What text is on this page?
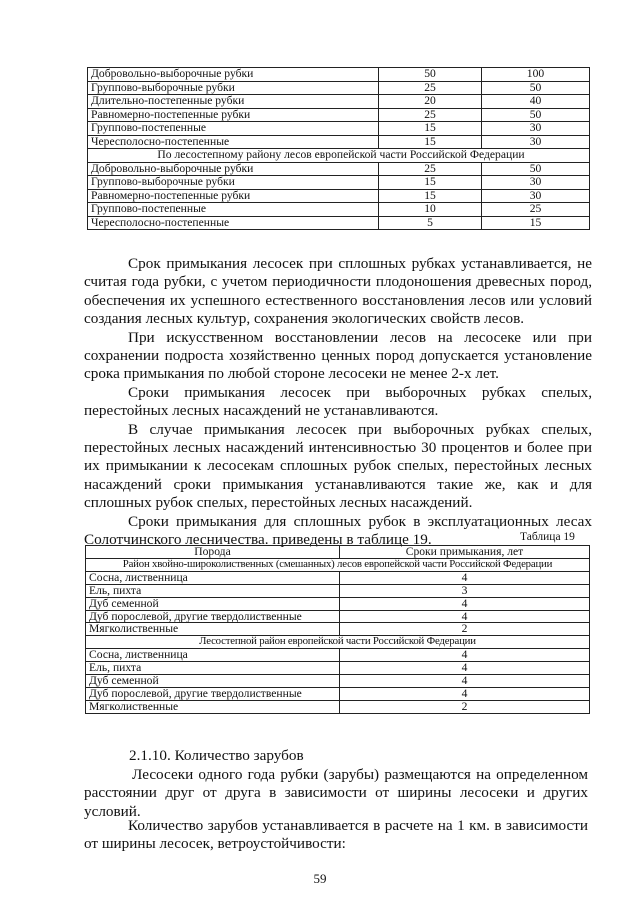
Добровольно-выборочные рубки	50	100
Группово-выборочные рубки	25	50
Длительно-постепенные рубки	20	40
Равномерно-постепенные рубки	25	50
Группово-постепенные	15	30
Чересполосно-постепенные	15	30
По лесостепному району лесов европейской части Российской Федерации		
Добровольно-выборочные рубки	25	50
Группово-выборочные рубки	15	30
Равномерно-постепенные рубки	15	30
Группово-постепенные	10	25
Чересполосно-постепенные	5	15

Срок примыкания лесосек при сплошных рубках устанавливается, не считая года рубки, с учетом периодичности плодоношения древесных пород, обеспечения их успешного естественного восстановления лесов или условий создания лесных культур, сохранения экологических свойств лесов.

При искусственном восстановлении лесов на лесосеке или при сохранении подроста хозяйственно ценных пород допускается установление срока примыкания по любой стороне лесосеки не менее 2-х лет.

Сроки примыкания лесосек при выборочных рубках спелых, перестойных лесных насаждений не устанавливаются.

В случае примыкания лесосек при выборочных рубках спелых, перестойных лесных насаждений интенсивностью 30 процентов и более при их примыкании к лесосекам сплошных рубок спелых, перестойных лесных насаждений сроки примыкания устанавливаются такие же, как и для сплошных рубок спелых, перестойных лесных насаждений.

Сроки примыкания для сплошных рубок в эксплуатационных лесах Солотчинского лесничества. приведены в таблице 19.	Таблица 19
Порода	Сроки примыкания, лет
Район хвойно-широколиственных (смешанных) лесов европейской части Российской Федерации	
Сосна, лиственница	4
Ель, пихта	3
Дуб семенной	4
Дуб порослевой, другие твердолиственные	4
Мягколиственные	2
Лесостепной район европейской части Российской Федерации	
Сосна, лиственница	4
Ель, пихта	4
Дуб семенной	4
Дуб порослевой, другие твердолиственные	4
Мягколиственные	2
2.1.10. Количество зарубов

Лесосеки одного года рубки (зарубы) размещаются на определенном расстоянии друг от друга в зависимости от ширины лесосеки и других условий.

Количество зарубов устанавливается в расчете на 1 км. в зависимости от ширины лесосек, ветроустойчивости:

59
